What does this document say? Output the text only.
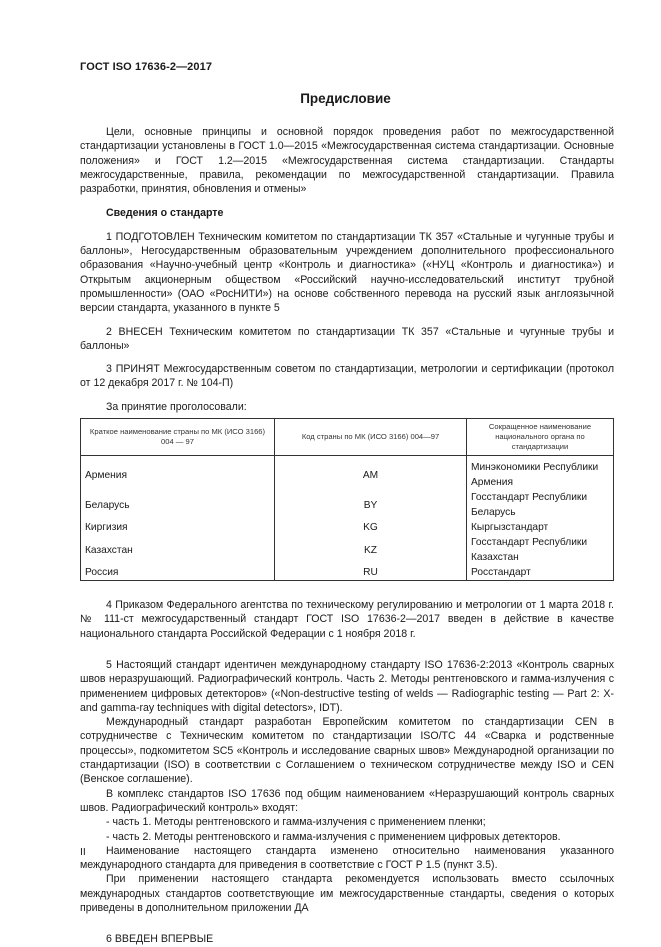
ГОСТ ISO 17636-2—2017
Предисловие

Цели, основные принципы и основной порядок проведения работ по межгосударственной стандартизации установлены в ГОСТ 1.0—2015 «Межгосударственная система стандартизации. Основные положения» и ГОСТ 1.2—2015 «Межгосударственная система стандартизации. Стандарты межгосударственные, правила, рекомендации по межгосударственной стандартизации. Правила разработки, принятия, обновления и отмены»

Сведения о стандарте

1 ПОДГОТОВЛЕН Техническим комитетом по стандартизации ТК 357 «Стальные и чугунные трубы и баллоны», Негосударственным образовательным учреждением дополнительного профессионального образования «Научно-учебный центр «Контроль и диагностика» («НУЦ «Контроль и диагностика») и Открытым акционерным обществом «Российский научно-исследовательский институт трубной промышленности» (ОАО «РосНИТИ») на основе собственного перевода на русский язык англоязычной версии стандарта, указанного в пункте 5

2 ВНЕСЕН Техническим комитетом по стандартизации ТК 357 «Стальные и чугунные трубы и баллоны»

3 ПРИНЯТ Межгосударственным советом по стандартизации, метрологии и сертификации (протокол от 12 декабря 2017 г. № 104-П)

За принятие проголосовали:

Краткое наименование страны по МК (ИСО 3166) 004 — 97	Код страны по МК (ИСО 3166) 004—97	Сокращенное наименование национального органа по стандартизации
Армения	AM	Минэкономики Республики Армения
Беларусь	BY	Госстандарт Республики Беларусь
Киргизия	KG	Кыргызстандарт
Казахстан	KZ	Госстандарт Республики Казахстан
Россия	RU	Росстандарт

4 Приказом Федерального агентства по техническому регулированию и метрологии от 1 марта 2018 г. № 111-ст межгосударственный стандарт ГОСТ ISO 17636-2—2017 введен в действие в качестве национального стандарта Российской Федерации с 1 ноября 2018 г.

5 Настоящий стандарт идентичен международному стандарту ISO 17636-2:2013 «Контроль сварных швов неразрушающий. Радиографический контроль. Часть 2. Методы рентгеновского и гамма-излучения с применением цифровых детекторов» («Non-destructive testing of welds — Radiographic testing — Part 2: X- and gamma-ray techniques with digital detectors», IDT).

Международный стандарт разработан Европейским комитетом по стандартизации CEN в сотрудничестве с Техническим комитетом по стандартизации ISO/TC 44 «Сварка и родственные процессы», подкомитетом SC5 «Контроль и исследование сварных швов» Международной организации по стандартизации (ISO) в соответствии с Соглашением о техническом сотрудничестве между ISO и CEN (Венское соглашение).

В комплекс стандартов ISO 17636 под общим наименованием «Неразрушающий контроль сварных швов. Радиографический контроль» входят:

- часть 1. Методы рентгеновского и гамма-излучения с применением пленки;

- часть 2. Методы рентгеновского и гамма-излучения с применением цифровых детекторов.

Наименование настоящего стандарта изменено относительно наименования указанного международного стандарта для приведения в соответствие с ГОСТ Р 1.5 (пункт 3.5).

При применении настоящего стандарта рекомендуется использовать вместо ссылочных международных стандартов соответствующие им межгосударственные стандарты, сведения о которых приведены в дополнительном приложении ДА

6 ВВЕДЕН ВПЕРВЫЕ

II
